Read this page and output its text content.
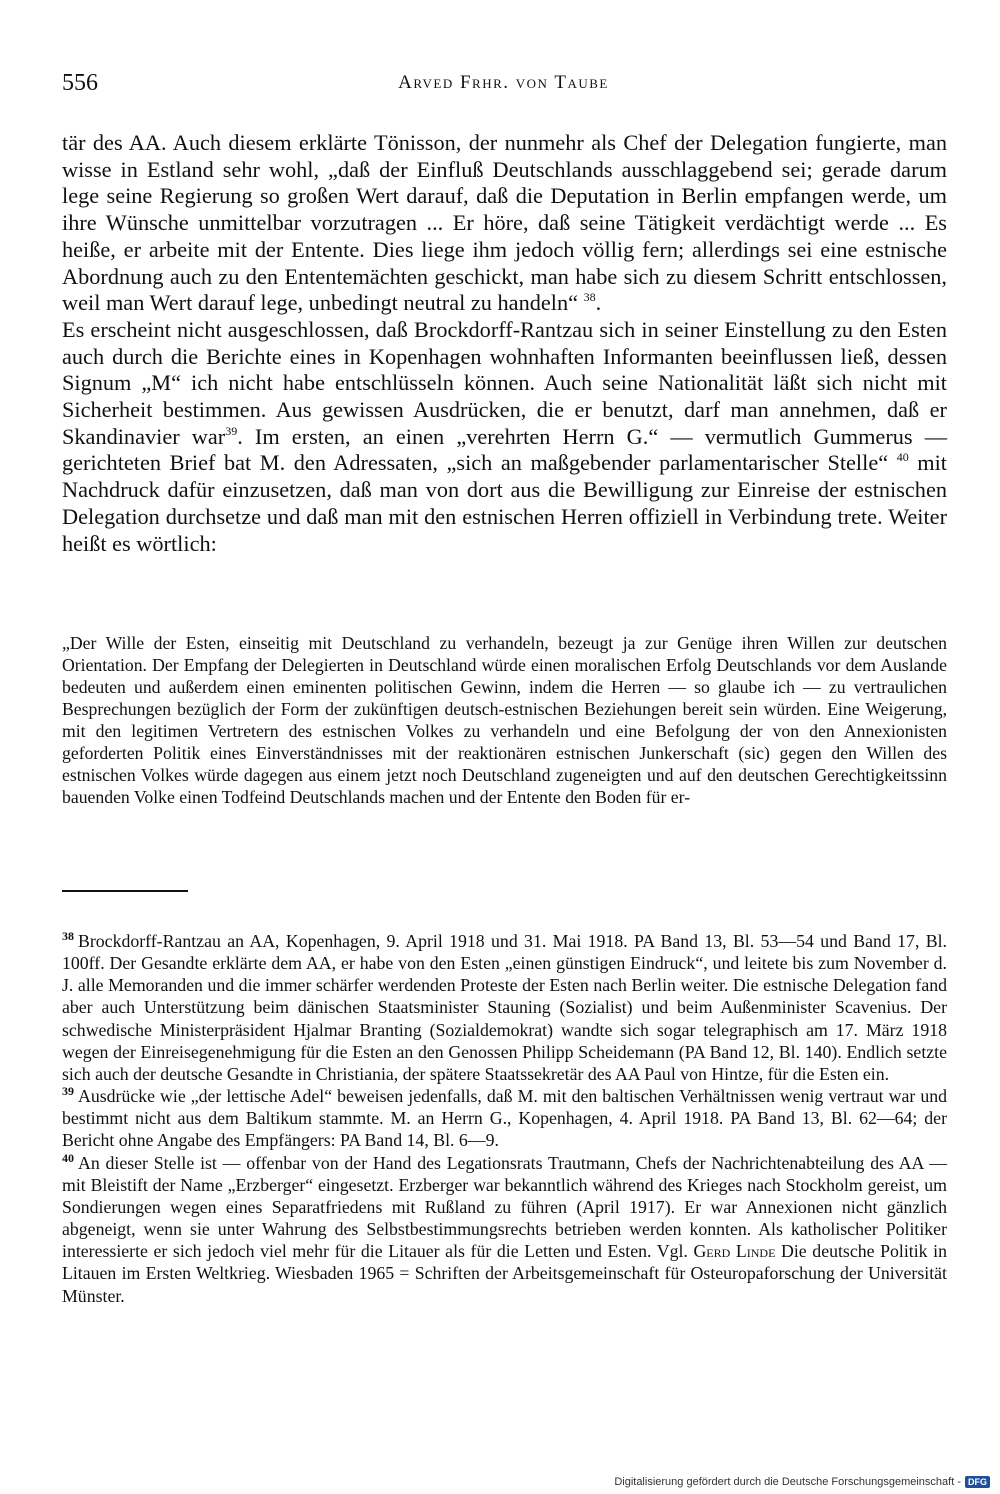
556	Arved Frhr. von Taube

tär des AA. Auch diesem erklärte Tönisson, der nunmehr als Chef der Delegation fungierte, man wisse in Estland sehr wohl, „daß der Einfluß Deutschlands ausschlaggebend sei; gerade darum lege seine Regierung so großen Wert darauf, daß die Deputation in Berlin empfangen werde, um ihre Wünsche unmittelbar vorzutragen ... Er höre, daß seine Tätigkeit verdächtigt werde ... Es heiße, er arbeite mit der Entente. Dies liege ihm jedoch völlig fern; allerdings sei eine estnische Abordnung auch zu den Ententemächten geschickt, man habe sich zu diesem Schritt entschlossen, weil man Wert darauf lege, unbedingt neutral zu handeln“ $^{38}$.

Es erscheint nicht ausgeschlossen, daß Brockdorff-Rantzau sich in seiner Einstellung zu den Esten auch durch die Berichte eines in Kopenhagen wohnhaften Informanten beeinflussen ließ, dessen Signum „M“ ich nicht habe entschlüsseln können. Auch seine Nationalität läßt sich nicht mit Sicherheit bestimmen. Aus gewissen Ausdrücken, die er benutzt, darf man annehmen, daß er Skandinavier war$^{39}$. Im ersten, an einen „verehrten Herrn G.“ — vermutlich Gummerus — gerichteten Brief bat M. den Adressaten, „sich an maßgebender parlamentarischer Stelle“ $^{40}$ mit Nachdruck dafür einzusetzen, daß man von dort aus die Bewilligung zur Einreise der estnischen Delegation durchsetze und daß man mit den estnischen Herren offiziell in Verbindung trete. Weiter heißt es wörtlich:

„Der Wille der Esten, einseitig mit Deutschland zu verhandeln, bezeugt ja zur Genüge ihren Willen zur deutschen Orientation. Der Empfang der Delegierten in Deutschland würde einen moralischen Erfolg Deutschlands vor dem Auslande bedeuten und außerdem einen eminenten politischen Gewinn, indem die Herren — so glaube ich — zu vertraulichen Besprechungen bezüglich der Form der zukünftigen deutsch-estnischen Beziehungen bereit sein würden. Eine Weigerung, mit den legitimen Vertretern des estnischen Volkes zu verhandeln und eine Befolgung der von den Annexionisten geforderten Politik eines Einverständnisses mit der reaktionären estnischen Junkerschaft (sic) gegen den Willen des estnischen Volkes würde dagegen aus einem jetzt noch Deutschland zugeneigten und auf den deutschen Gerechtigkeitssinn bauenden Volke einen Todfeind Deutschlands machen und der Entente den Boden für er-

$^{38}$ Brockdorff-Rantzau an AA, Kopenhagen, 9. April 1918 und 31. Mai 1918. PA Band 13, Bl. 53—54 und Band 17, Bl. 100ff. Der Gesandte erklärte dem AA, er habe von den Esten „einen günstigen Eindruck“, und leitete bis zum November d. J. alle Memoranden und die immer schärfer werdenden Proteste der Esten nach Berlin weiter. Die estnische Delegation fand aber auch Unterstützung beim dänischen Staatsminister Stauning (Sozialist) und beim Außenminister Scavenius. Der schwedische Ministerpräsident Hjalmar Branting (Sozialdemokrat) wandte sich sogar telegraphisch am 17. März 1918 wegen der Einreisegenehmigung für die Esten an den Genossen Philipp Scheidemann (PA Band 12, Bl. 140). Endlich setzte sich auch der deutsche Gesandte in Christiania, der spätere Staatssekretär des AA Paul von Hintze, für die Esten ein.

$^{39}$ Ausdrücke wie „der lettische Adel“ beweisen jedenfalls, daß M. mit den baltischen Verhältnissen wenig vertraut war und bestimmt nicht aus dem Baltikum stammte. M. an Herrn G., Kopenhagen, 4. April 1918. PA Band 13, Bl. 62—64; der Bericht ohne Angabe des Empfängers: PA Band 14, Bl. 6—9.

$^{40}$ An dieser Stelle ist — offenbar von der Hand des Legationsrats Trautmann, Chefs der Nachrichtenabteilung des AA — mit Bleistift der Name „Erzberger“ eingesetzt. Erzberger war bekanntlich während des Krieges nach Stockholm gereist, um Sondierungen wegen eines Separatfriedens mit Rußland zu führen (April 1917). Er war Annexionen nicht gänzlich abgeneigt, wenn sie unter Wahrung des Selbstbestimmungsrechts betrieben werden konnten. Als katholischer Politiker interessierte er sich jedoch viel mehr für die Litauer als für die Letten und Esten. Vgl. Gerd Linde Die deutsche Politik in Litauen im Ersten Weltkrieg. Wiesbaden 1965 = Schriften der Arbeitsgemeinschaft für Osteuropaforschung der Universität Münster.

Digitalisierung gefördert durch die Deutsche Forschungsgemeinschaft - DFG
